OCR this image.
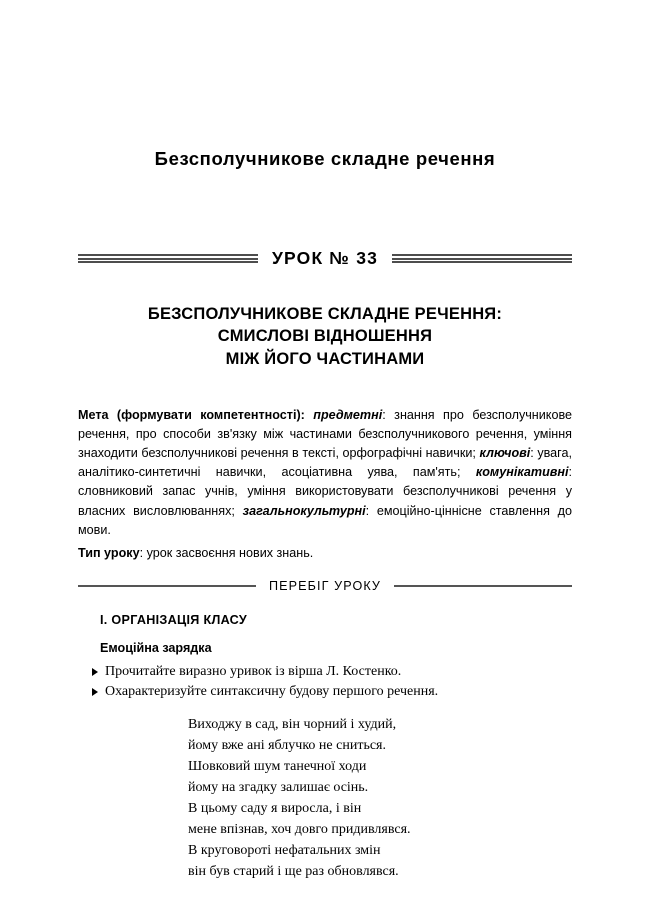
Безсполучникове складне речення
УРОК № 33
БЕЗСПОЛУЧНИКОВЕ СКЛАДНЕ РЕЧЕННЯ:
СМИСЛОВІ ВІДНОШЕННЯ
МІЖ ЙОГО ЧАСТИНАМИ
Мета (формувати компетентності): предметні: знання про безсполучникове речення, про способи зв'язку між частинами безсполучникового речення, уміння знаходити безсполучникові речення в тексті, орфографічні навички; ключові: увага, аналітико-синтетичні навички, асоціативна уява, пам'ять; комунікативні: словниковий запас учнів, уміння використовувати безсполучникові речення у власних висловлюваннях; загальнокультурні: емоційно-ціннісне ставлення до мови.
Тип уроку: урок засвоєння нових знань.
ПЕРЕБІГ УРОКУ
I. ОРГАНІЗАЦІЯ КЛАСУ
Емоційна зарядка
Прочитайте виразно уривок із вірша Л. Костенко.
Охарактеризуйте синтаксичну будову першого речення.
Виходжу в сад, він чорний і худий,
йому вже ані яблучко не сниться.
Шовковий шум танечної ходи
йому на згадку залишає осінь.
В цьому саду я виросла, і він
мене впізнав, хоч довго придивлявся.
В круговороті нефатальних змін
він був старий і ще раз обновлявся.
